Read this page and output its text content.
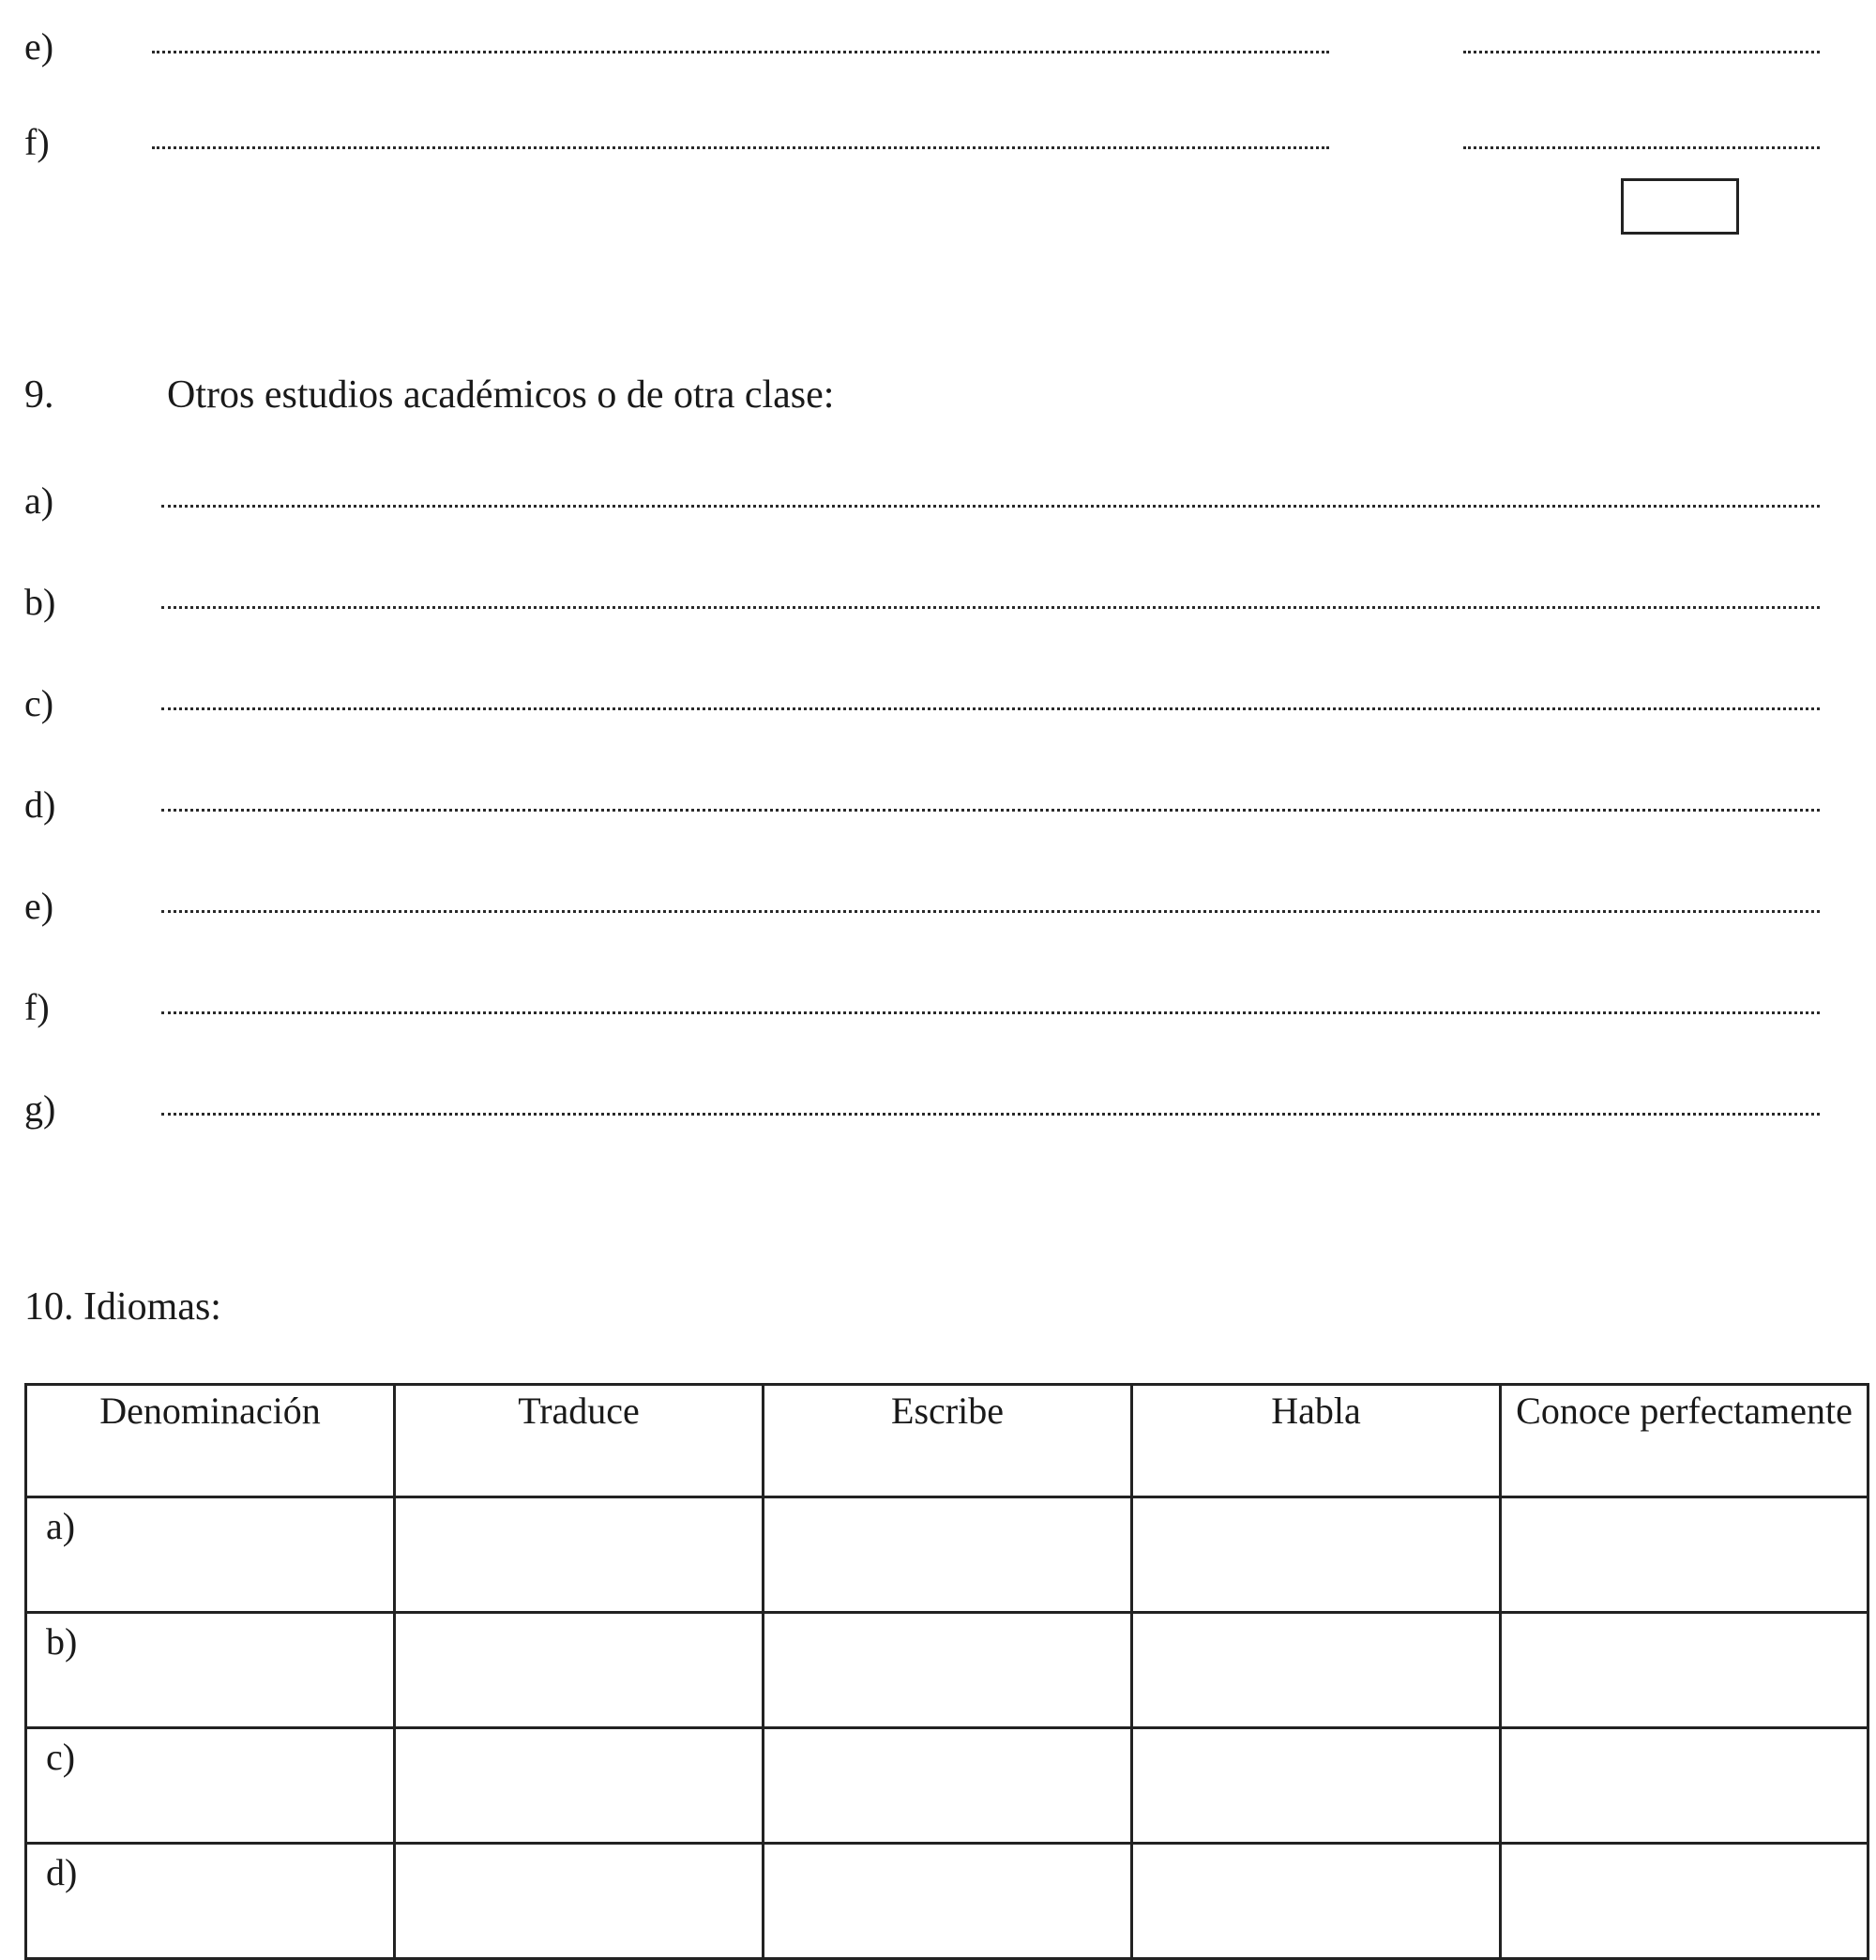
e)
f)
9.	Otros estudios académicos o de otra clase:
a)
b)
c)
d)
e)
f)
g)
10. Idiomas:
Denominación	Traduce	Escribe	Habla	Conoce perfectamente
a)				
b)				
c)				
d)				
